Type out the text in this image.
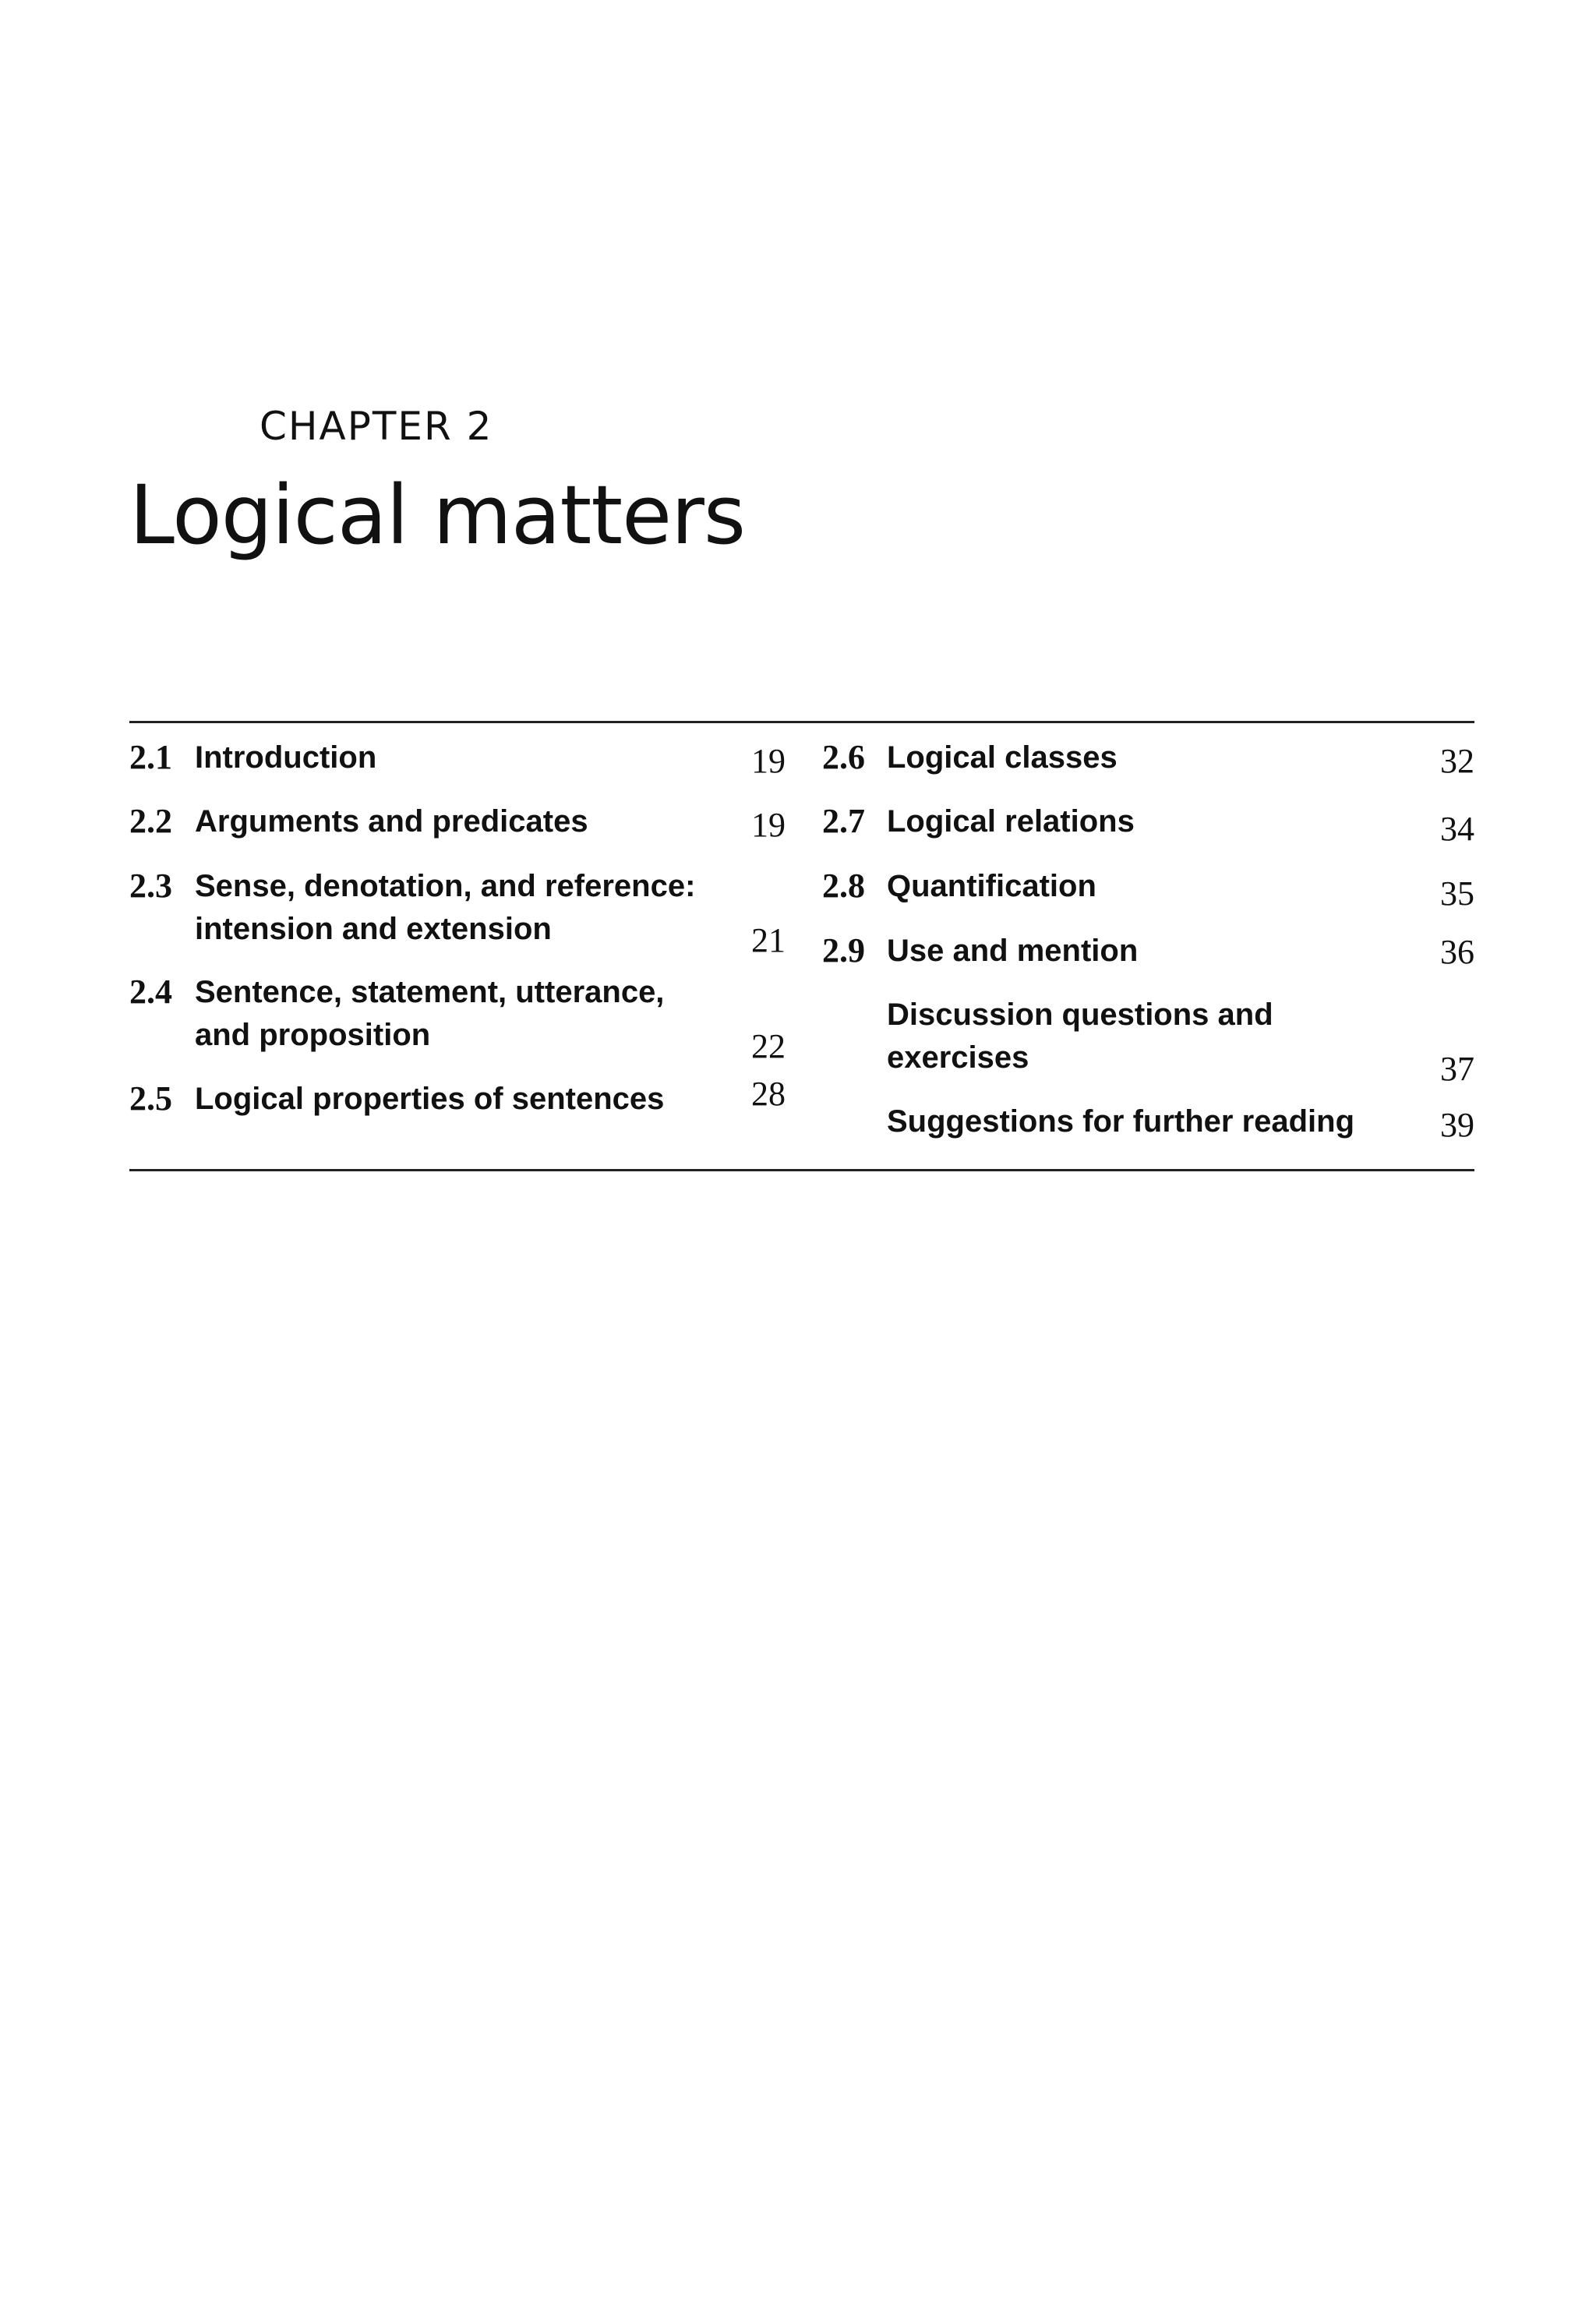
CHAPTER 2
Logical matters
2.1 Introduction	19
2.2 Arguments and predicates	19
2.3 Sense, denotation, and reference:
intension and extension	21
2.4 Sentence, statement, utterance,
and proposition	22
2.5 Logical properties of sentences	28
2.6 Logical classes	32
2.7 Logical relations	34
2.8 Quantification	35
2.9 Use and mention	36
Discussion questions and
exercises	37
Suggestions for further reading 39
